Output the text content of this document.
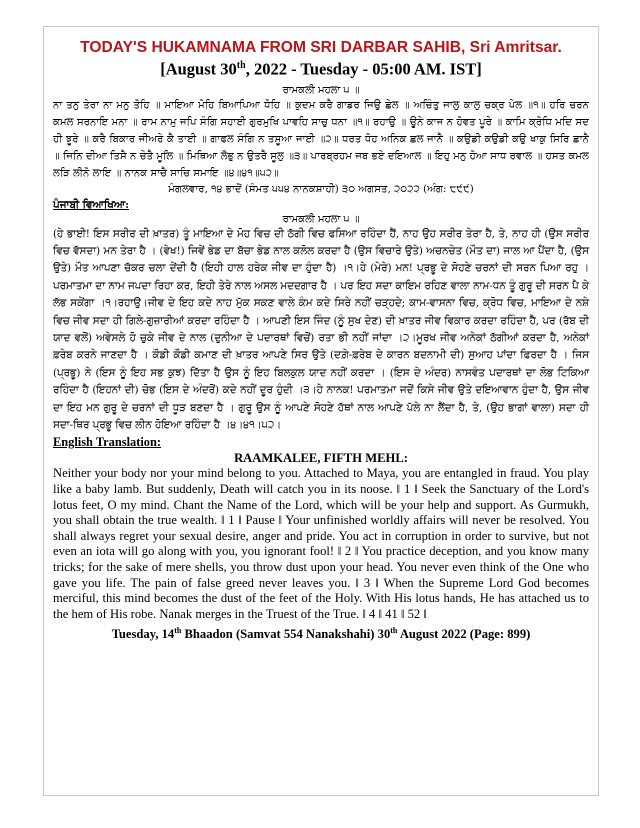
TODAY'S HUKAMNAMA FROM SRI DARBAR SAHIB, Sri Amritsar.
[August 30th, 2022 - Tuesday - 05:00 AM. IST]
ਰਾਮਕਲੀ ਮਹਲਾ ੫ ॥
ਨਾ ਤਨੁ ਤੇਰਾ ਨਾ ਮਨੁ ਤੋਹਿ ॥ ਮਾਇਆ ਮੋਹਿ ਬਿਆਪਿਆ ਧੋਹਿ ॥ ਕੁਦਮ ਕਰੈ ਗਾਡਰ ਜਿਉ ਛੇਲ ॥ ਅਚਿੰਤੁ ਜਾਲੁ ਕਾਲੁ ਚਕ੍ਰ ਪੇਲ ॥੧॥ ਹਰਿ ਚਰਨ ਕਮਲ ਸਰਨਾਇ ਮਨਾ ॥ ਰਾਮ ਨਾਮੁ ਜਪਿ ਸੰਗਿ ਸਹਾਈ ਗੁਰਮੁਖਿ ਪਾਵਹਿ ਸਾਚੁ ਧਨਾ ॥੧॥ ਰਹਾਉ ॥ ਊਨੇ ਕਾਜ ਨ ਹੋਵਤ ਪੂਰੇ ॥ ਕਾਮਿ ਕ੍ਰੋਧਿ ਮਦਿ ਸਦ ਹੀ ਝੂਰੇ ॥ ਕਰੈ ਬਿਕਾਰ ਜੀਅਰੇ ਕੈ ਤਾਈ ॥ ਗਾਫਲ ਸੰਗਿ ਨ ਤਸੂਆ ਜਾਈ ॥੨॥ ਧਰਤ ਧੋਹ ਅਨਿਕ ਛਲ ਜਾਨੈ ॥ ਕਉਡੀ ਕਉਡੀ ਕਉ ਖਾਕੁ ਸਿਰਿ ਛਾਨੈ ॥ ਜਿਨਿ ਦੀਆ ਤਿਸੈ ਨ ਚੇਤੈ ਮੂਲਿ ॥ ਮਿਥਿਆ ਲੋਭੁ ਨ ਉਤਰੈ ਸੂਲੁ ॥੩॥ ਪਾਰਬ੍ਰਹਮ ਜਬ ਭਏ ਦਇਆਲ ॥ ਇਹੁ ਮਨੁ ਹੋਆ ਸਾਧ ਰਵਾਲ ॥ ਹਸਤ ਕਮਲ ਲੜਿ ਲੀਨੋ ਲਾਇ ॥ ਨਾਨਕ ਸਾਚੈ ਸਾਚਿ ਸਮਾਇ ॥੪॥੪੧॥੫੨॥
ਮੰਗਲਵਾਰ, ੧੪ ਭਾਦੋਂ (ਸੰਮਤ ੫੫੪ ਨਾਨਕਸ਼ਾਹੀ) ੩੦ ਅਗਸਤ, ੨੦੨੨ (ਅੰਗ: ੮੯੯)
ਪੰਜਾਬੀ ਵਿਆਖਿਆ:
ਰਾਮਕਲੀ ਮਹਲਾ ੫ ॥
(ਹੇ ਭਾਈ! ਇਸ ਸਰੀਰ ਦੀ ਖ਼ਾਤਰ) ਤੂੰ ਮਾਇਆ ਦੇ ਮੋਹ ਵਿਚ ਦੀ ਠੱਗੀ ਵਿਚ ਫਸਿਆ ਰਹਿੰਦਾ ਹੈਂ, ਨਾਹ ਉਹ ਸਰੀਰ ਤੇਰਾ ਹੈ, ਤੇ, ਨਾਹ ਹੀ (ਉਸ ਸਰੀਰ ਵਿਚ ਵੱਸਦਾ) ਮਨ ਤੇਰਾ ਹੈ । (ਵੇਖ!) ਜਿਵੇਂ ਭੇਡ ਦਾ ਬੱਚਾ ਭੇਡ ਨਾਲ ਕਲੋਲ ਕਰਦਾ ਹੈ (ਉਸ ਵਿਚਾਰੇ ਉਤੇ) ਅਚਨਚੇਤ (ਮੌਤ ਦਾ) ਜਾਲ ਆ ਪੈਂਦਾ ਹੈ, (ਉਸ ਉਤੇ) ਮੌਤ ਆਪਣਾ ਚੱਕਰ ਚਲਾ ਦੇਂਦੀ ਹੈ (ਇਹੀ ਹਾਲ ਹਰੇਕ ਜੀਵ ਦਾ ਹੁੰਦਾ ਹੈ) ।੧।ਹੇ (ਮੇਰੇ) ਮਨ! ਪ੍ਰਭੂ ਦੇ ਸੋਹਣੇ ਚਰਨਾਂ ਦੀ ਸਰਨ ਪਿਆ ਰਹੁ । ਪਰਮਾਤਮਾ ਦਾ ਨਾਮ ਜਪਦਾ ਰਿਹਾ ਕਰ, ਇਹੀ ਤੇਰੇ ਨਾਲ ਅਸਲ ਮਦਦਗਾਰ ਹੈ । ਪਰ ਇਹ ਸਦਾ ਕਾਇਮ ਰਹਿਣ ਵਾਲਾ ਨਾਮ-ਧਨ ਤੂੰ ਗੁਰੂ ਦੀ ਸਰਨ ਪੈ ਕੇ ਲੱਭ ਸਕੇਂਗਾ ।੧।ਰਹਾਉ।ਜੀਵ ਦੇ ਇਹ ਕਦੇ ਨਾਹ ਮੁੱਕ ਸਕਣ ਵਾਲੇ ਕੰਮ ਕਦੇ ਸਿਰੇ ਨਹੀਂ ਚੜ੍ਹਦੇ; ਕਾਮ-ਵਾਸਨਾ ਵਿਚ, ਕ੍ਰੋਧ ਵਿਚ, ਮਾਇਆ ਦੇ ਨਸ਼ੇ ਵਿਚ ਜੀਵ ਸਦਾ ਹੀ ਗਿਲੇ-ਗੁਜ਼ਾਰੀਆਂ ਕਰਦਾ ਰਹਿੰਦਾ ਹੈ । ਆਪਣੀ ਇਸ ਜਿੰਦ (ਨੂੰ ਸੁਖ ਦੇਣ) ਦੀ ਖ਼ਾਤਰ ਜੀਵ ਵਿਕਾਰ ਕਰਦਾ ਰਹਿੰਦਾ ਹੈ, ਪਰ (ਰੱਬ ਦੀ ਯਾਦ ਵਲੋਂ) ਅਵੇਸਲੇ ਹੋ ਚੁਕੇ ਜੀਵ ਦੇ ਨਾਲ (ਦੁਨੀਆ ਦੇ ਪਦਾਰਥਾਂ ਵਿਚੋਂ) ਰਤਾ ਭੀ ਨਹੀਂ ਜਾਂਦਾ ।੨।ਮੂਰਖ ਜੀਵ ਅਨੇਕਾਂ ਠੱਗੀਆਂ ਕਰਦਾ ਹੈ, ਅਨੇਕਾਂ ਫ਼ਰੇਬ ਕਰਨੇ ਜਾਣਦਾ ਹੈ । ਕੌਡੀ ਕੌਡੀ ਕਮਾਣ ਦੀ ਖ਼ਾਤਰ ਆਪਣੇ ਸਿਰ ਉਤੇ (ਦਗ਼ੇ-ਫ਼ਰੇਬ ਦੇ ਕਾਰਨ ਬਦਨਾਮੀ ਦੀ) ਸੁਆਹ ਪਾਂਦਾ ਫਿਰਦਾ ਹੈ । ਜਿਸ (ਪ੍ਰਭੂ) ਨੇ (ਇਸ ਨੂੰ ਇਹ ਸਭ ਕੁਝ) ਦਿੱਤਾ ਹੈ ਉਸ ਨੂੰ ਇਹ ਬਿਲਕੁਲ ਯਾਦ ਨਹੀਂ ਕਰਦਾ । (ਇਸ ਦੇ ਅੰਦਰ) ਨਾਸਵੰਤ ਪਦਾਰਥਾਂ ਦਾ ਲੋਭ ਟਿਕਿਆ ਰਹਿੰਦਾ ਹੈ (ਇਹਨਾਂ ਦੀ) ਚੋਭ (ਇਸ ਦੇ ਅੰਦਰੋਂ) ਕਦੇ ਨਹੀਂ ਦੂਰ ਹੁੰਦੀ ।੩।ਹੇ ਨਾਨਕ! ਪਰਮਾਤਮਾ ਜਦੋਂ ਕਿਸੇ ਜੀਵ ਉਤੇ ਦਇਆਵਾਨ ਹੁੰਦਾ ਹੈ, ਉਸ ਜੀਵ ਦਾ ਇਹ ਮਨ ਗੁਰੂ ਦੇ ਚਰਨਾਂ ਦੀ ਧੂੜ ਬਣਦਾ ਹੈ । ਗੁਰੂ ਉਸ ਨੂੰ ਆਪਣੇ ਸੋਹਣੇ ਹੱਥਾਂ ਨਾਲ ਆਪਣੇ ਪੱਲੇ ਨਾ ਲੈਂਦਾ ਹੈ, ਤੇ, (ਉਹ ਭਾਗਾਂ ਵਾਲਾ) ਸਦਾ ਹੀ ਸਦਾ-ਥਿਰ ਪ੍ਰਭੂ ਵਿਚ ਲੀਨ ਹੋਇਆ ਰਹਿੰਦਾ ਹੈ ।੪।੪੧।੫੨।
English Translation:
RAAMKALEE, FIFTH MEHL:
Neither your body nor your mind belong to you. Attached to Maya, you are entangled in fraud. You play like a baby lamb. But suddenly, Death will catch you in its noose. ‖ 1 ‖ Seek the Sanctuary of the Lord's lotus feet, O my mind. Chant the Name of the Lord, which will be your help and support. As Gurmukh, you shall obtain the true wealth. ‖ 1 ‖ Pause ‖ Your unfinished worldly affairs will never be resolved. You shall always regret your sexual desire, anger and pride. You act in corruption in order to survive, but not even an iota will go along with you, you ignorant fool! ‖ 2 ‖ You practice deception, and you know many tricks; for the sake of mere shells, you throw dust upon your head. You never even think of the One who gave you life. The pain of false greed never leaves you. ‖ 3 ‖ When the Supreme Lord God becomes merciful, this mind becomes the dust of the feet of the Holy. With His lotus hands, He has attached us to the hem of His robe. Nanak merges in the Truest of the True. ‖ 4 ‖ 41 ‖ 52 ‖
Tuesday, 14th Bhaadon (Samvat 554 Nanakshahi) 30th August 2022 (Page: 899)
